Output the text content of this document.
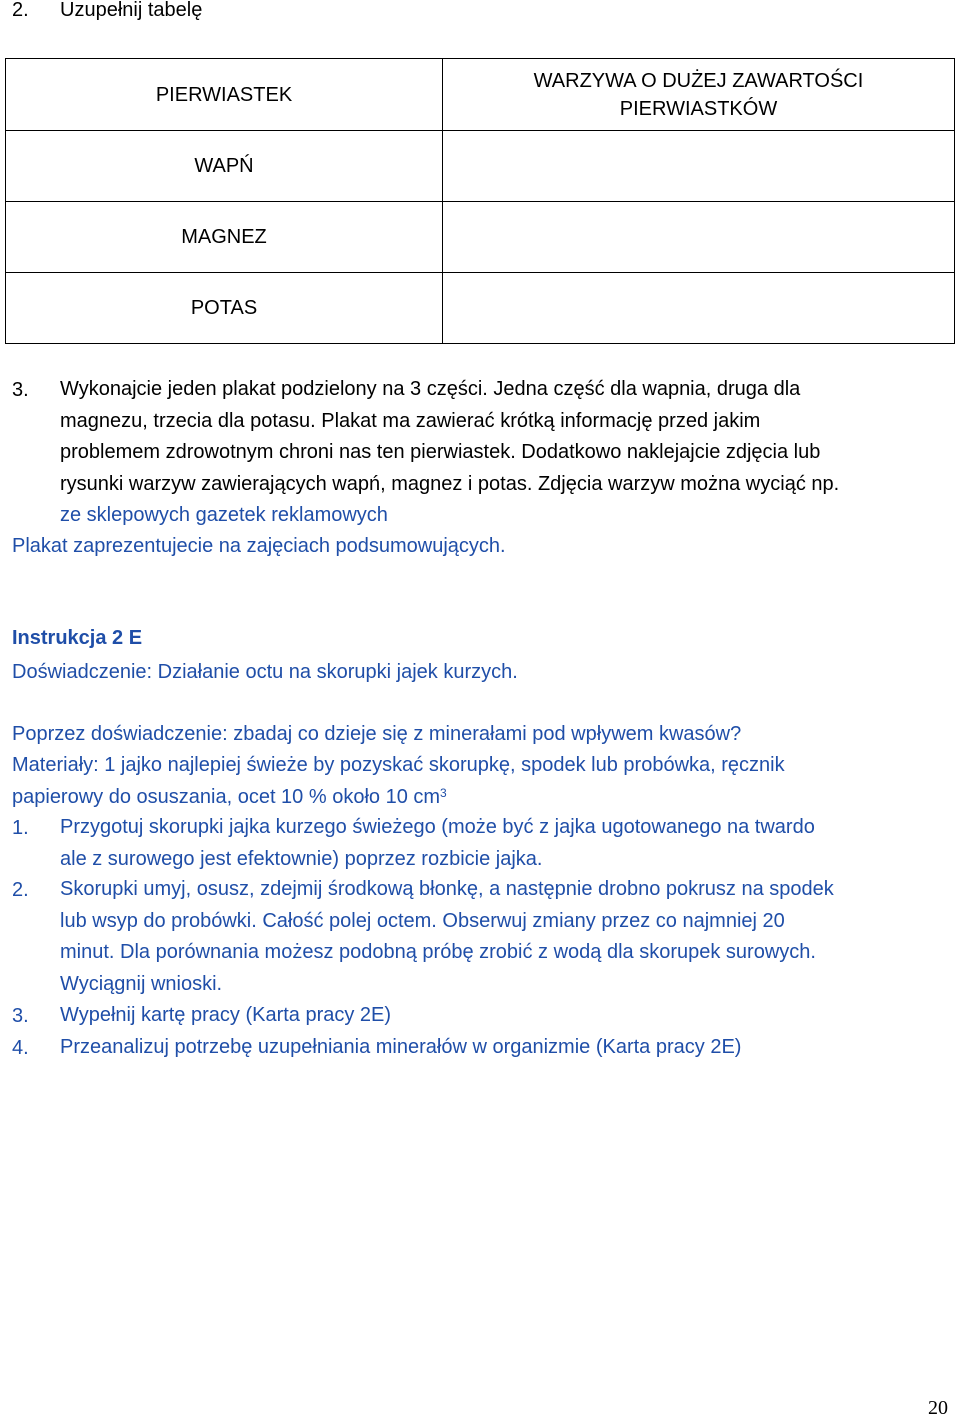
2. Uzupełnij tabelę
PIERWIASTEK	WARZYWA O DUŻEJ ZAWARTOŚCI PIERWIASTKÓW

WAPŃ	
MAGNEZ	
POTAS	
3. Wykonajcie jeden plakat podzielony na 3 części. Jedna część dla wapnia, druga dla
magnezu, trzecia dla potasu. Plakat ma zawierać krótką informację przed jakim
problemem zdrowotnym chroni nas ten pierwiastek. Dodatkowo naklejajcie zdjęcia lub
rysunki warzyw zawierających wapń, magnez i potas. Zdjęcia warzyw można wyciąć np.
ze sklepowych gazetek reklamowych
Plakat zaprezentujecie na zajęciach podsumowujących.
Instrukcja 2 E
Doświadczenie: Działanie octu na skorupki jajek kurzych.
Poprzez doświadczenie: zbadaj co dzieje się z minerałami pod wpływem kwasów?
Materiały: 1 jajko najlepiej świeże by pozyskać skorupkę, spodek lub probówka, ręcznik
papierowy do osuszania, ocet 10 % około 10 $cm^3$
1. Przygotuj skorupki jajka kurzego świeżego (może być z jajka ugotowanego na twardo
ale z surowego jest efektownie) poprzez rozbicie jajka.
2. Skorupki umyj, osusz, zdejmij środkową błonkę, a następnie drobno pokrusz na spodek
lub wsyp do probówki. Całość polej octem. Obserwuj zmiany przez co najmniej 20
minut. Dla porównania możesz podobną próbę zrobić z wodą dla skorupek surowych.
Wyciągnij wnioski.
3. Wypełnij kartę pracy (Karta pracy 2E)
4. Przeanalizuj potrzebę uzupełniania minerałów w organizmie (Karta pracy 2E)
20
